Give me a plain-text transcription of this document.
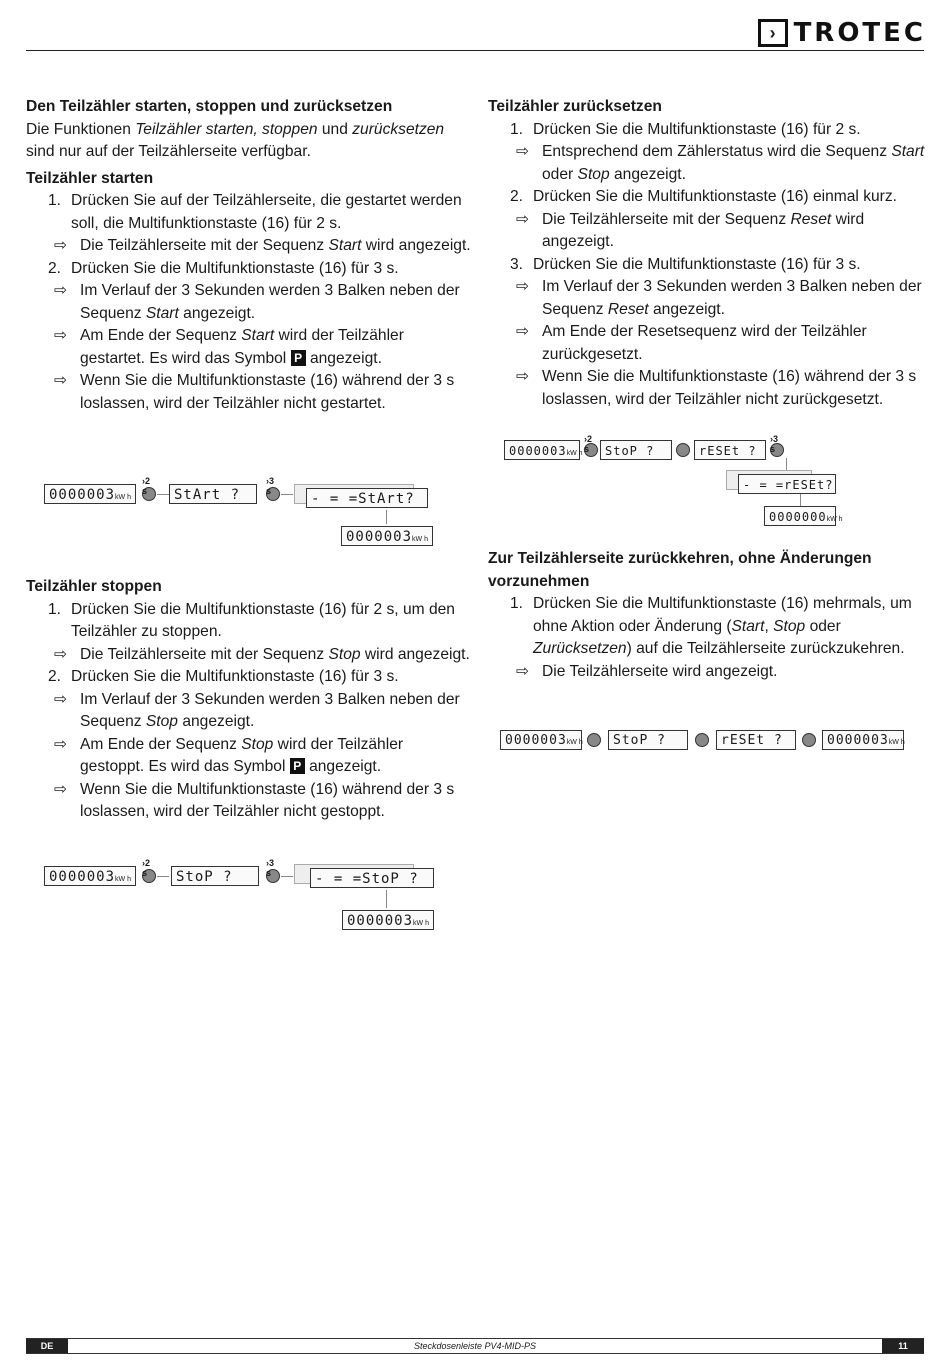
› TROTEC
Den Teilzähler starten, stoppen und zurücksetzen

Die Funktionen Teilzähler starten, stoppen und zurücksetzen sind nur auf der Teilzählerseite verfügbar.

Teilzähler starten
1. Drücken Sie auf der Teilzählerseite, die gestartet werden soll, die Multifunktionstaste (16) für 2 s.
⇨ Die Teilzählerseite mit der Sequenz Start wird angezeigt.
2. Drücken Sie die Multifunktionstaste (16) für 3 s.
⇨ Im Verlauf der 3 Sekunden werden 3 Balken neben der Sequenz Start angezeigt.
⇨ Am Ende der Sequenz Start wird der Teilzähler gestartet. Es wird das Symbol P angezeigt.
⇨ Wenn Sie die Multifunktionstaste (16) während der 3 s loslassen, wird der Teilzähler nicht gestartet.
Teilzähler stoppen
1. Drücken Sie die Multifunktionstaste (16) für 2 s, um den Teilzähler zu stoppen.
⇨ Die Teilzählerseite mit der Sequenz Stop wird angezeigt.
2. Drücken Sie die Multifunktionstaste (16) für 3 s.
⇨ Im Verlauf der 3 Sekunden werden 3 Balken neben der Sequenz Stop angezeigt.
⇨ Am Ende der Sequenz Stop wird der Teilzähler gestoppt. Es wird das Symbol P angezeigt.
⇨ Wenn Sie die Multifunktionstaste (16) während der 3 s loslassen, wird der Teilzähler nicht gestoppt.
Teilzähler zurücksetzen
1. Drücken Sie die Multifunktionstaste (16) für 2 s.
⇨ Entsprechend dem Zählerstatus wird die Sequenz Start oder Stop angezeigt.
2. Drücken Sie die Multifunktionstaste (16) einmal kurz.
⇨ Die Teilzählerseite mit der Sequenz Reset wird angezeigt.
3. Drücken Sie die Multifunktionstaste (16) für 3 s.
⇨ Im Verlauf der 3 Sekunden werden 3 Balken neben der Sequenz Reset angezeigt.
⇨ Am Ende der Resetsequenz wird der Teilzähler zurückgesetzt.
⇨ Wenn Sie die Multifunktionstaste (16) während der 3 s loslassen, wird der Teilzähler nicht zurückgesetzt.
Zur Teilzählerseite zurückkehren, ohne Änderungen vorzunehmen
1. Drücken Sie die Multifunktionstaste (16) mehrmals, um ohne Aktion oder Änderung (Start, Stop oder Zurücksetzen) auf die Teilzählerseite zurückzukehren.
⇨ Die Teilzählerseite wird angezeigt.
0000003kW h
›2 s	StArt ?
›3 s	- = =StArt?
0000003kW h
0000003kW h
›2 s	StoP ?
›3 s	- = =StoP ?
0000003kW h
0000003kW h
›2 s	StoP ?	rESEt ?
›3 s
- = =rESEt?
0000000kW h
0000003kW h	StoP ?	rESEt ?	0000003kW h
DE	Steckdosenleiste PV4-MID-PS	11
